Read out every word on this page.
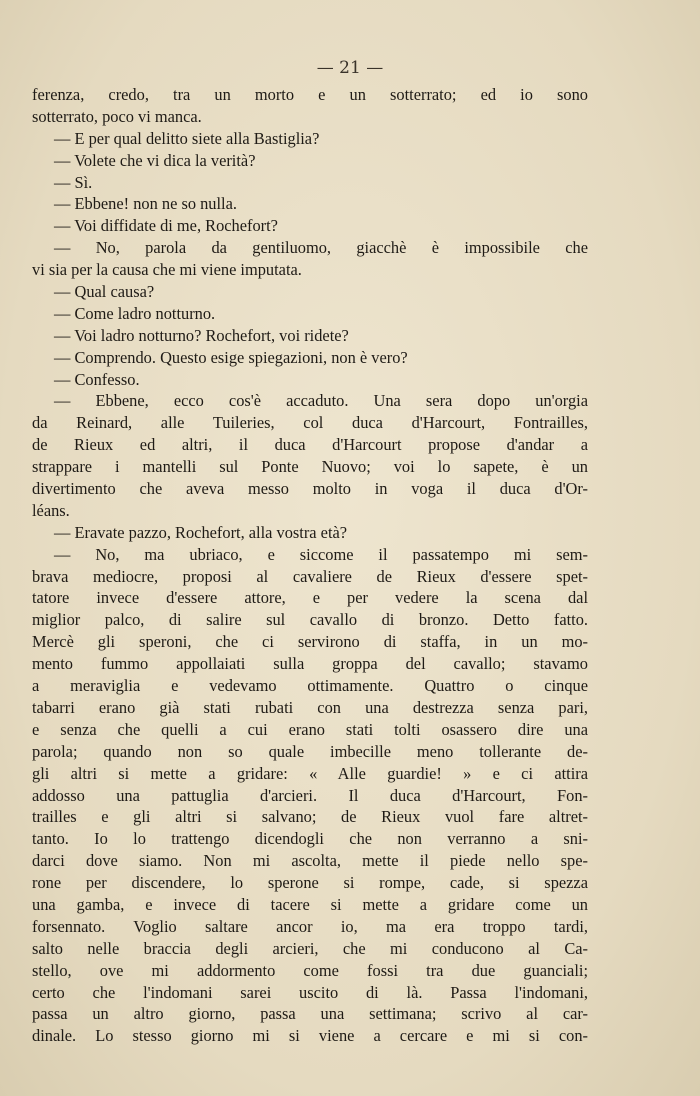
— 21 —
ferenza, credo, tra un morto e un sotterrato; ed io sono
sotterrato, poco vi manca.
— E per qual delitto siete alla Bastiglia?
— Volete che vi dica la verità?
— Sì.
— Ebbene! non ne so nulla.
— Voi diffidate di me, Rochefort?
— No, parola da gentiluomo, giacchè è impossibile che
vi sia per la causa che mi viene imputata.
— Qual causa?
— Come ladro notturno.
— Voi ladro notturno? Rochefort, voi ridete?
— Comprendo. Questo esige spiegazioni, non è vero?
— Confesso.
— Ebbene, ecco cos'è accaduto. Una sera dopo un'orgia
da Reinard, alle Tuileries, col duca d'Harcourt, Fontrailles,
de Rieux ed altri, il duca d'Harcourt propose d'andar a
strappare i mantelli sul Ponte Nuovo; voi lo sapete, è un
divertimento che aveva messo molto in voga il duca d'Or-
léans.
— Eravate pazzo, Rochefort, alla vostra età?
— No, ma ubriaco, e siccome il passatempo mi sem-
brava mediocre, proposi al cavaliere de Rieux d'essere spet-
tatore invece d'essere attore, e per vedere la scena dal
miglior palco, di salire sul cavallo di bronzo. Detto fatto.
Mercè gli speroni, che ci servirono di staffa, in un mo-
mento fummo appollaiati sulla groppa del cavallo; stavamo
a meraviglia e vedevamo ottimamente. Quattro o cinque
tabarri erano già stati rubati con una destrezza senza pari,
e senza che quelli a cui erano stati tolti osassero dire una
parola; quando non so quale imbecille meno tollerante de-
gli altri si mette a gridare: « Alle guardie! » e ci attira
addosso una pattuglia d'arcieri. Il duca d'Harcourt, Fon-
trailles e gli altri si salvano; de Rieux vuol fare altret-
tanto. Io lo trattengo dicendogli che non verranno a sni-
darci dove siamo. Non mi ascolta, mette il piede nello spe-
rone per discendere, lo sperone si rompe, cade, si spezza
una gamba, e invece di tacere si mette a gridare come un
forsennato. Voglio saltare ancor io, ma era troppo tardi,
salto nelle braccia degli arcieri, che mi conducono al Ca-
stello, ove mi addormento come fossi tra due guanciali;
certo che l'indomani sarei uscito di là. Passa l'indomani,
passa un altro giorno, passa una settimana; scrivo al car-
dinale. Lo stesso giorno mi si viene a cercare e mi si con-
